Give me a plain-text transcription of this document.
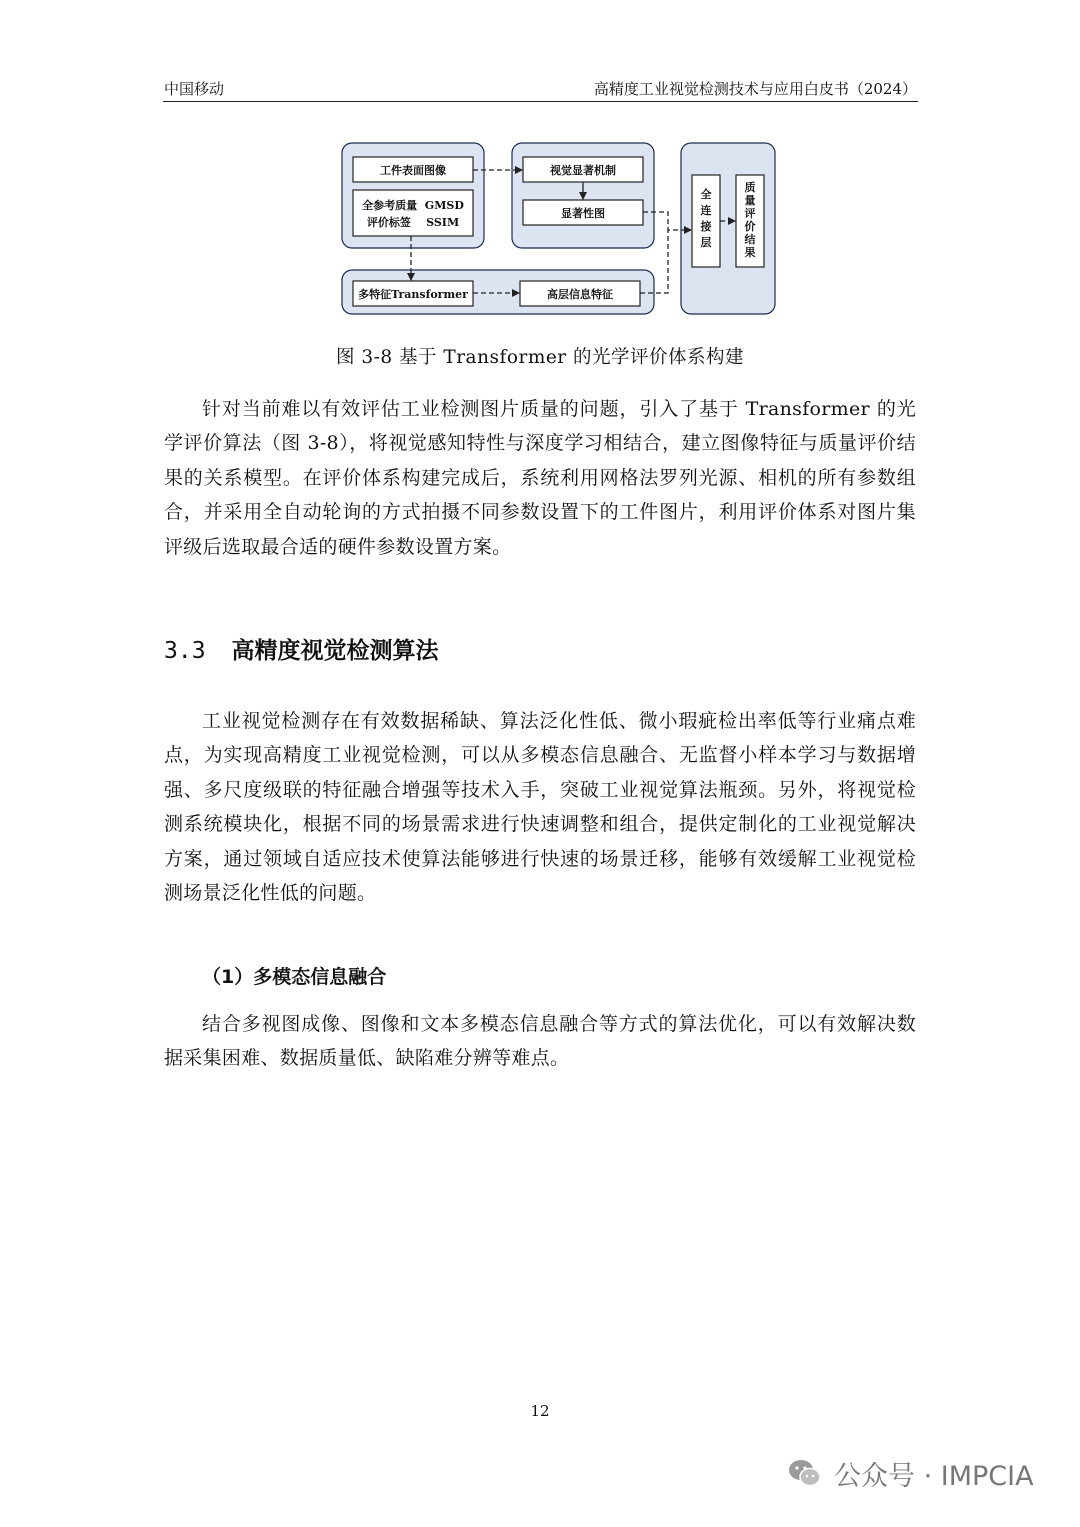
中国移动	高精度工业视觉检测技术与应用白皮书（2024）
工件表面图像
全参考质量  GMSD
评价标签    SSIM
视觉显著机制
显著性图
多特征Transformer	高层信息特征
全
连
接
层
质
量
评
价
结
果
图 3-8 基于 Transformer 的光学评价体系构建

针对当前难以有效评估工业检测图片质量的问题，引入了基于 Transformer 的光学评价算法（图 3-8），将视觉感知特性与深度学习相结合，建立图像特征与质量评价结果的关系模型。在评价体系构建完成后，系统利用网格法罗列光源、相机的所有参数组合，并采用全自动轮询的方式拍摄不同参数设置下的工件图片，利用评价体系对图片集评级后选取最合适的硬件参数设置方案。

3.3 高精度视觉检测算法

工业视觉检测存在有效数据稀缺、算法泛化性低、微小瑕疵检出率低等行业痛点难点，为实现高精度工业视觉检测，可以从多模态信息融合、无监督小样本学习与数据增强、多尺度级联的特征融合增强等技术入手，突破工业视觉算法瓶颈。另外，将视觉检测系统模块化，根据不同的场景需求进行快速调整和组合，提供定制化的工业视觉解决方案，通过领域自适应技术使算法能够进行快速的场景迁移，能够有效缓解工业视觉检测场景泛化性低的问题。

（1）多模态信息融合

结合多视图成像、图像和文本多模态信息融合等方式的算法优化，可以有效解决数据采集困难、数据质量低、缺陷难分辨等难点。

12
公众号 · IMPCIA
